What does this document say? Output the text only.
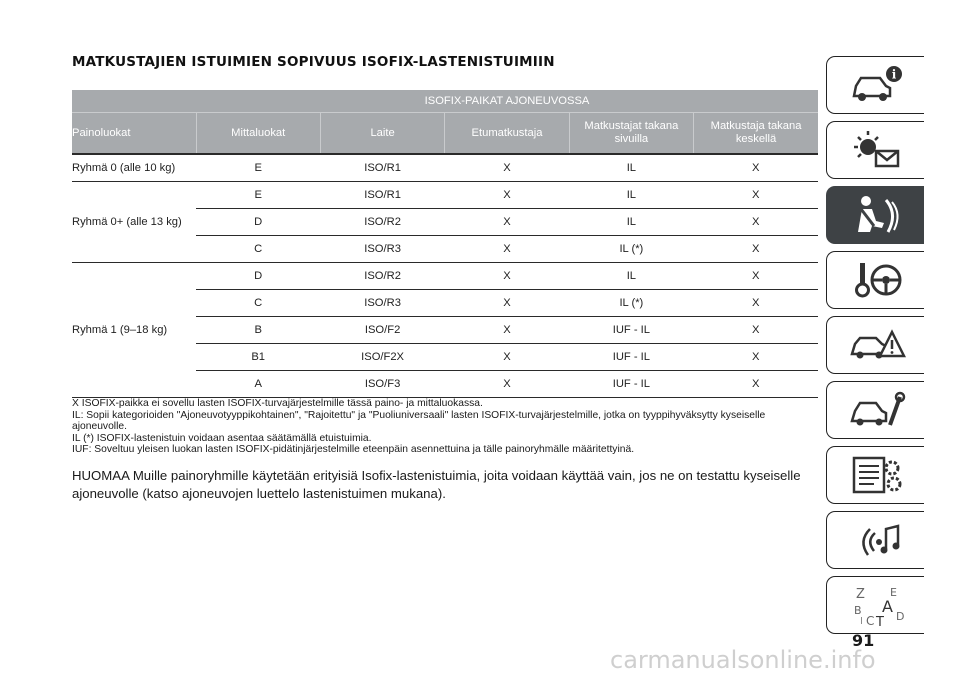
MATKUSTAJIEN ISTUIMIEN SOPIVUUS ISOFIX-LASTENISTUIMIIN
	ISOFIX-PAIKAT AJONEUVOSSA				
Painoluokat	Mittaluokat	Laite	Etumatkustaja	Matkustajat takana sivuilla	Matkustaja takana keskellä
Ryhmä 0 (alle 10 kg)	E	ISO/R1	X	IL	X
Ryhmä 0+ (alle 13 kg)	E	ISO/R1	X	IL	X
	D	ISO/R2	X	IL	X
	C	ISO/R3	X	IL (*)	X
Ryhmä 1 (9–18 kg)	D	ISO/R2	X	IL	X
	C	ISO/R3	X	IL (*)	X
	B	ISO/F2	X	IUF - IL	X
	B1	ISO/F2X	X	IUF - IL	X
	A	ISO/F3	X	IUF - IL	X

X ISOFIX-paikka ei sovellu lasten ISOFIX-turvajärjestelmille tässä paino- ja mittaluokassa.

IL: Sopii kategorioiden "Ajoneuvotyyppikohtainen", "Rajoitettu" ja "Puoliuniversaali" lasten ISOFIX-turvajärjestelmille, jotka on tyyppihyväksytty kyseiselle ajoneuvolle.

IL (*) ISOFIX-lastenistuin voidaan asentaa säätämällä etuistuimia.

IUF: Soveltuu yleisen luokan lasten ISOFIX-pidätinjärjestelmille eteenpäin asennettuina ja tälle painoryhmälle määritettyinä.

HUOMAA Muille painoryhmille käytetään erityisiä Isofix-lastenistuimia, joita voidaan käyttää vain, jos ne on testattu kyseiselle ajoneuvolle (katso ajoneuvojen luettelo lastenistuimen mukana).
i
Z E
A
B
C D
T
I
91
carmanualsonline.info
